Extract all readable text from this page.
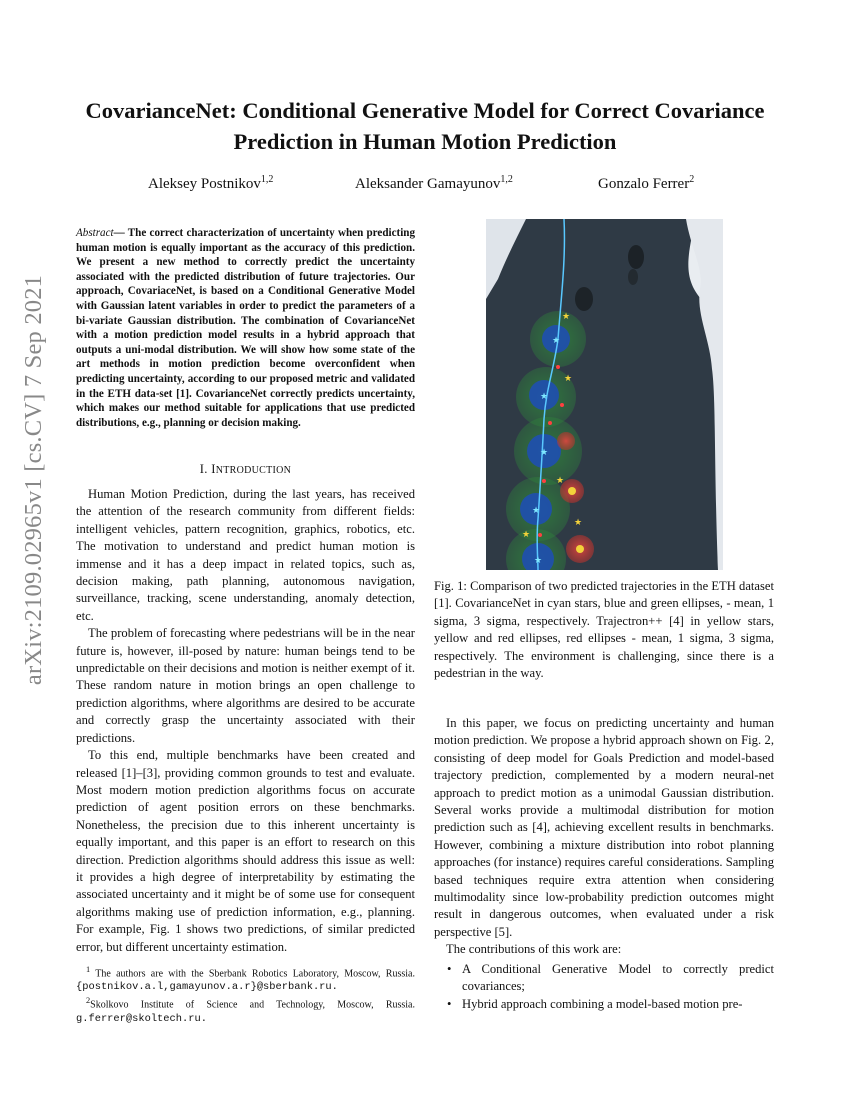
arXiv:2109.02965v1 [cs.CV] 7 Sep 2021
CovarianceNet: Conditional Generative Model for Correct Covariance
Prediction in Human Motion Prediction
Aleksey Postnikov$^{1,2}$	Aleksander Gamayunov$^{1,2}$	Gonzalo Ferrer$^2$
Abstract— The correct characterization of uncertainty when predicting human motion is equally important as the accuracy of this prediction. We present a new method to correctly predict the uncertainty associated with the predicted distribution of future trajectories. Our approach, CovariaceNet, is based on a Conditional Generative Model with Gaussian latent variables in order to predict the parameters of a bi-variate Gaussian distribution. The combination of CovarianceNet with a motion prediction model results in a hybrid approach that outputs a uni-modal distribution. We will show how some state of the art methods in motion prediction become overconfident when predicting uncertainty, according to our proposed metric and validated in the ETH data-set [1]. CovarianceNet correctly predicts uncertainty, which makes our method suitable for applications that use predicted distributions, e.g., planning or decision making.
I. INTRODUCTION

Human Motion Prediction, during the last years, has received the attention of the research community from different fields: intelligent vehicles, pattern recognition, graphics, robotics, etc. The motivation to understand and predict human motion is immense and it has a deep impact in related topics, such as, decision making, path planning, autonomous navigation, surveillance, tracking, scene understanding, anomaly detection, etc.

The problem of forecasting where pedestrians will be in the near future is, however, ill-posed by nature: human beings tend to be unpredictable on their decisions and motion is neither exempt of it. These random nature in motion brings an open challenge to prediction algorithms, where algorithms are desired to be accurate and correctly grasp the uncertainty associated with their predictions.

To this end, multiple benchmarks have been created and released [1]–[3], providing common grounds to test and evaluate. Most modern motion prediction algorithms focus on accurate prediction of agent position errors on these benchmarks. Nonetheless, the precision due to this inherent uncertainty is equally important, and this paper is an effort to research on this direction. Prediction algorithms should address this issue as well: it provides a high degree of interpretability by estimating the associated uncertainty and it might be of some use for consequent algorithms making use of prediction information, e.g., planning. For example, Fig. 1 shows two predictions, of similar predicted error, but different uncertainty estimation.

$^1$ The authors are with the Sberbank Robotics Laboratory, Moscow, Russia. {postnikov.a.l,gamayunov.a.r}@sberbank.ru.

$^2$Skolkovo Institute of Science and Technology, Moscow, Russia. g.ferrer@skoltech.ru.

★
★
★
★
★
★
★
★
★
★
Fig. 1: Comparison of two predicted trajectories in the ETH dataset [1]. CovarianceNet in cyan stars, blue and green ellipses, - mean, 1 sigma, 3 sigma, respectively. Trajectron++ [4] in yellow stars, yellow and red ellipses, red ellipses - mean, 1 sigma, 3 sigma, respectively. The environment is challenging, since there is a pedestrian in the way.

In this paper, we focus on predicting uncertainty and human motion prediction. We propose a hybrid approach shown on Fig. 2, consisting of deep model for Goals Prediction and model-based trajectory prediction, complemented by a modern neural-net approach to predict motion as a unimodal Gaussian distribution. Several works provide a multimodal distribution for motion prediction such as [4], achieving excellent results in benchmarks. However, combining a mixture distribution into robot planning approaches (for instance) requires careful considerations. Sampling based techniques require extra attention when considering multimodality since low-probability prediction outcomes might result in dangerous outcomes, when evaluated under a risk perspective [5].

The contributions of this work are:

• A Conditional Generative Model to correctly predict covariances;
• Hybrid approach combining a model-based motion pre-
